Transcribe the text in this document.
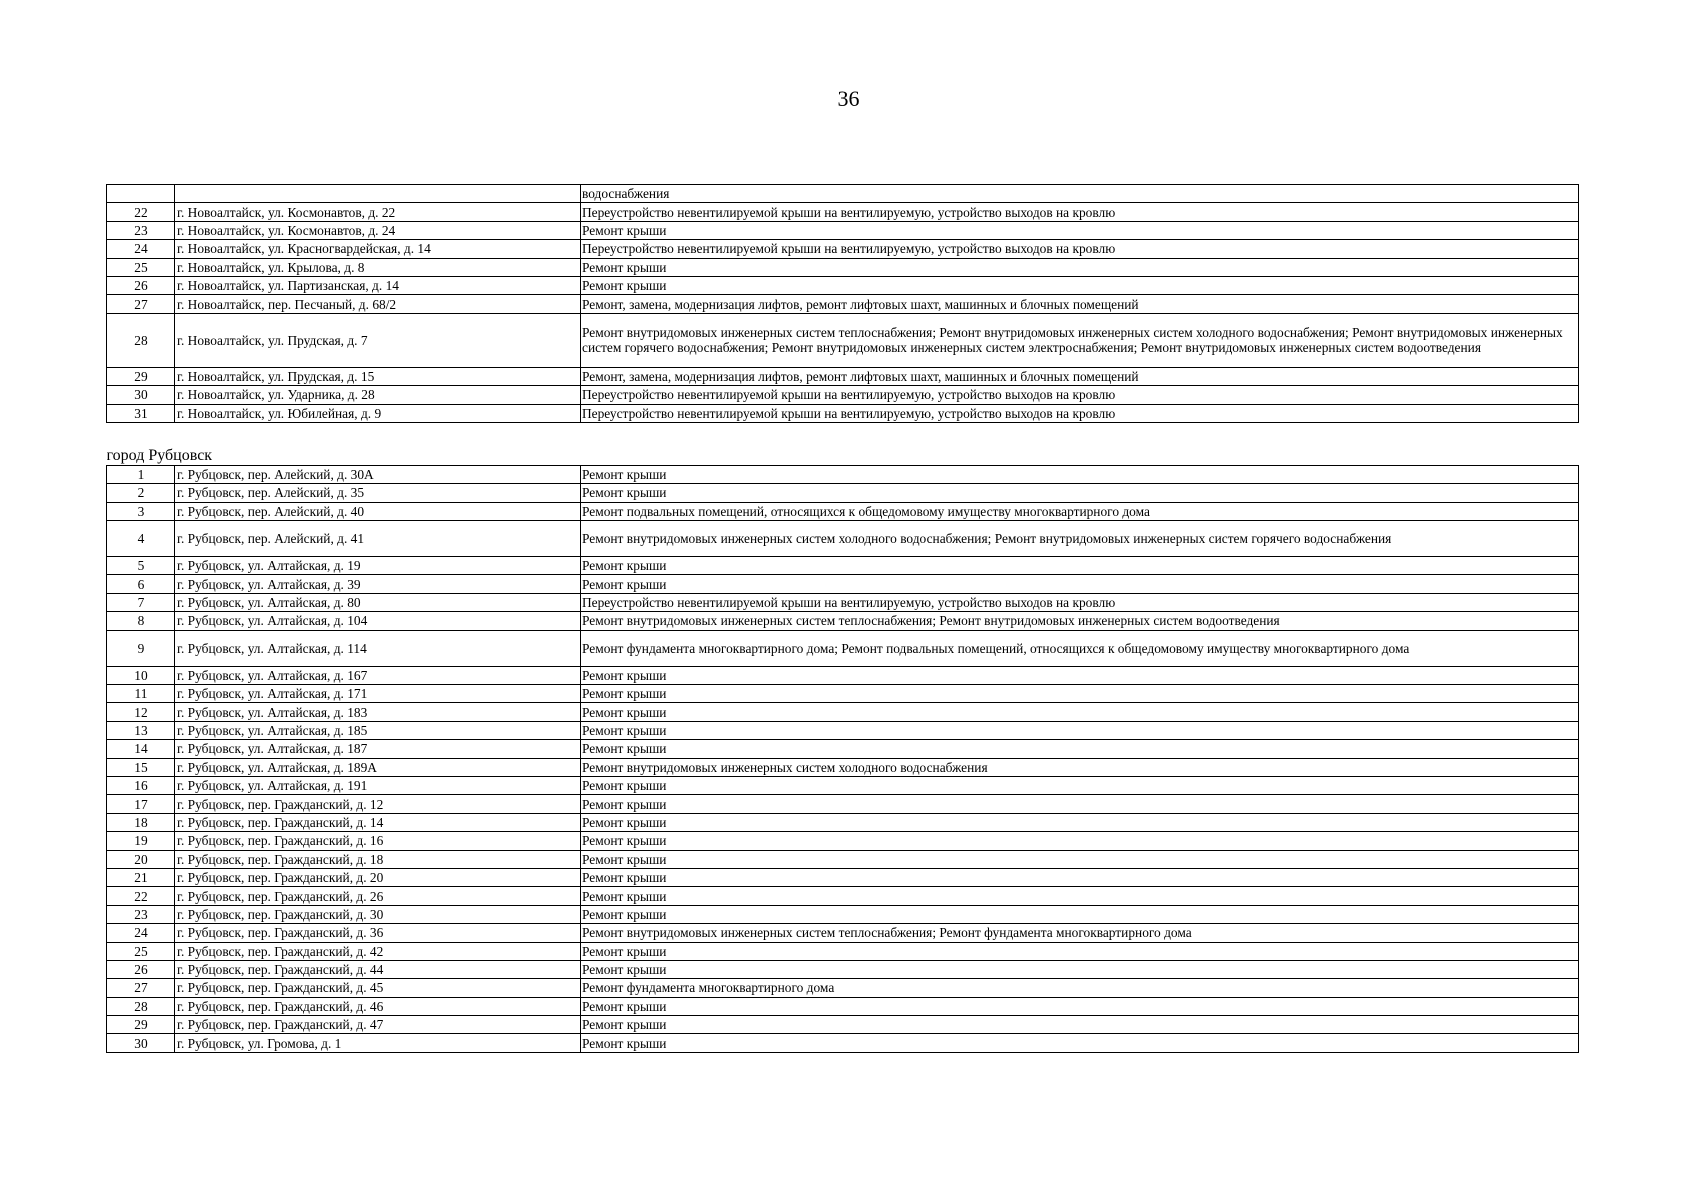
36
		водоснабжения
22	г. Новоалтайск, ул. Космонавтов, д. 22	Переустройство невентилируемой крыши на вентилируемую, устройство выходов на кровлю
23	г. Новоалтайск, ул. Космонавтов, д. 24	Ремонт крыши
24	г. Новоалтайск, ул. Красногвардейская, д. 14	Переустройство невентилируемой крыши на вентилируемую, устройство выходов на кровлю
25	г. Новоалтайск, ул. Крылова, д. 8	Ремонт крыши
26	г. Новоалтайск, ул. Партизанская, д. 14	Ремонт крыши
27	г. Новоалтайск, пер. Песчаный, д. 68/2	Ремонт, замена, модернизация лифтов, ремонт лифтовых шахт, машинных и блочных помещений
28	г. Новоалтайск, ул. Прудская, д. 7	Ремонт внутридомовых инженерных систем теплоснабжения; Ремонт внутридомовых инженерных систем холодного водоснабжения; Ремонт внутридомовых инженерных систем горячего водоснабжения; Ремонт внутридомовых инженерных систем электроснабжения; Ремонт внутридомовых инженерных систем водоотведения
29	г. Новоалтайск, ул. Прудская, д. 15	Ремонт, замена, модернизация лифтов, ремонт лифтовых шахт, машинных и блочных помещений
30	г. Новоалтайск, ул. Ударника, д. 28	Переустройство невентилируемой крыши на вентилируемую, устройство выходов на кровлю
31	г. Новоалтайск, ул. Юбилейная, д. 9	Переустройство невентилируемой крыши на вентилируемую, устройство выходов на кровлю
город Рубцовск		
1	г. Рубцовск, пер. Алейский, д. 30А	Ремонт крыши
2	г. Рубцовск, пер. Алейский, д. 35	Ремонт крыши
3	г. Рубцовск, пер. Алейский, д. 40	Ремонт подвальных помещений, относящихся к общедомовому имуществу многоквартирного дома
4	г. Рубцовск, пер. Алейский, д. 41	Ремонт внутридомовых инженерных систем холодного водоснабжения; Ремонт внутридомовых инженерных систем горячего водоснабжения
5	г. Рубцовск, ул. Алтайская, д. 19	Ремонт крыши
6	г. Рубцовск, ул. Алтайская, д. 39	Ремонт крыши
7	г. Рубцовск, ул. Алтайская, д. 80	Переустройство невентилируемой крыши на вентилируемую, устройство выходов на кровлю
8	г. Рубцовск, ул. Алтайская, д. 104	Ремонт внутридомовых инженерных систем теплоснабжения; Ремонт внутридомовых инженерных систем водоотведения
9	г. Рубцовск, ул. Алтайская, д. 114	Ремонт фундамента многоквартирного дома; Ремонт подвальных помещений, относящихся к общедомовому имуществу многоквартирного дома
10	г. Рубцовск, ул. Алтайская, д. 167	Ремонт крыши
11	г. Рубцовск, ул. Алтайская, д. 171	Ремонт крыши
12	г. Рубцовск, ул. Алтайская, д. 183	Ремонт крыши
13	г. Рубцовск, ул. Алтайская, д. 185	Ремонт крыши
14	г. Рубцовск, ул. Алтайская, д. 187	Ремонт крыши
15	г. Рубцовск, ул. Алтайская, д. 189А	Ремонт внутридомовых инженерных систем холодного водоснабжения
16	г. Рубцовск, ул. Алтайская, д. 191	Ремонт крыши
17	г. Рубцовск, пер. Гражданский, д. 12	Ремонт крыши
18	г. Рубцовск, пер. Гражданский, д. 14	Ремонт крыши
19	г. Рубцовск, пер. Гражданский, д. 16	Ремонт крыши
20	г. Рубцовск, пер. Гражданский, д. 18	Ремонт крыши
21	г. Рубцовск, пер. Гражданский, д. 20	Ремонт крыши
22	г. Рубцовск, пер. Гражданский, д. 26	Ремонт крыши
23	г. Рубцовск, пер. Гражданский, д. 30	Ремонт крыши
24	г. Рубцовск, пер. Гражданский, д. 36	Ремонт внутридомовых инженерных систем теплоснабжения; Ремонт фундамента многоквартирного дома
25	г. Рубцовск, пер. Гражданский, д. 42	Ремонт крыши
26	г. Рубцовск, пер. Гражданский, д. 44	Ремонт крыши
27	г. Рубцовск, пер. Гражданский, д. 45	Ремонт фундамента многоквартирного дома
28	г. Рубцовск, пер. Гражданский, д. 46	Ремонт крыши
29	г. Рубцовск, пер. Гражданский, д. 47	Ремонт крыши
30	г. Рубцовск, ул. Громова, д. 1	Ремонт крыши
